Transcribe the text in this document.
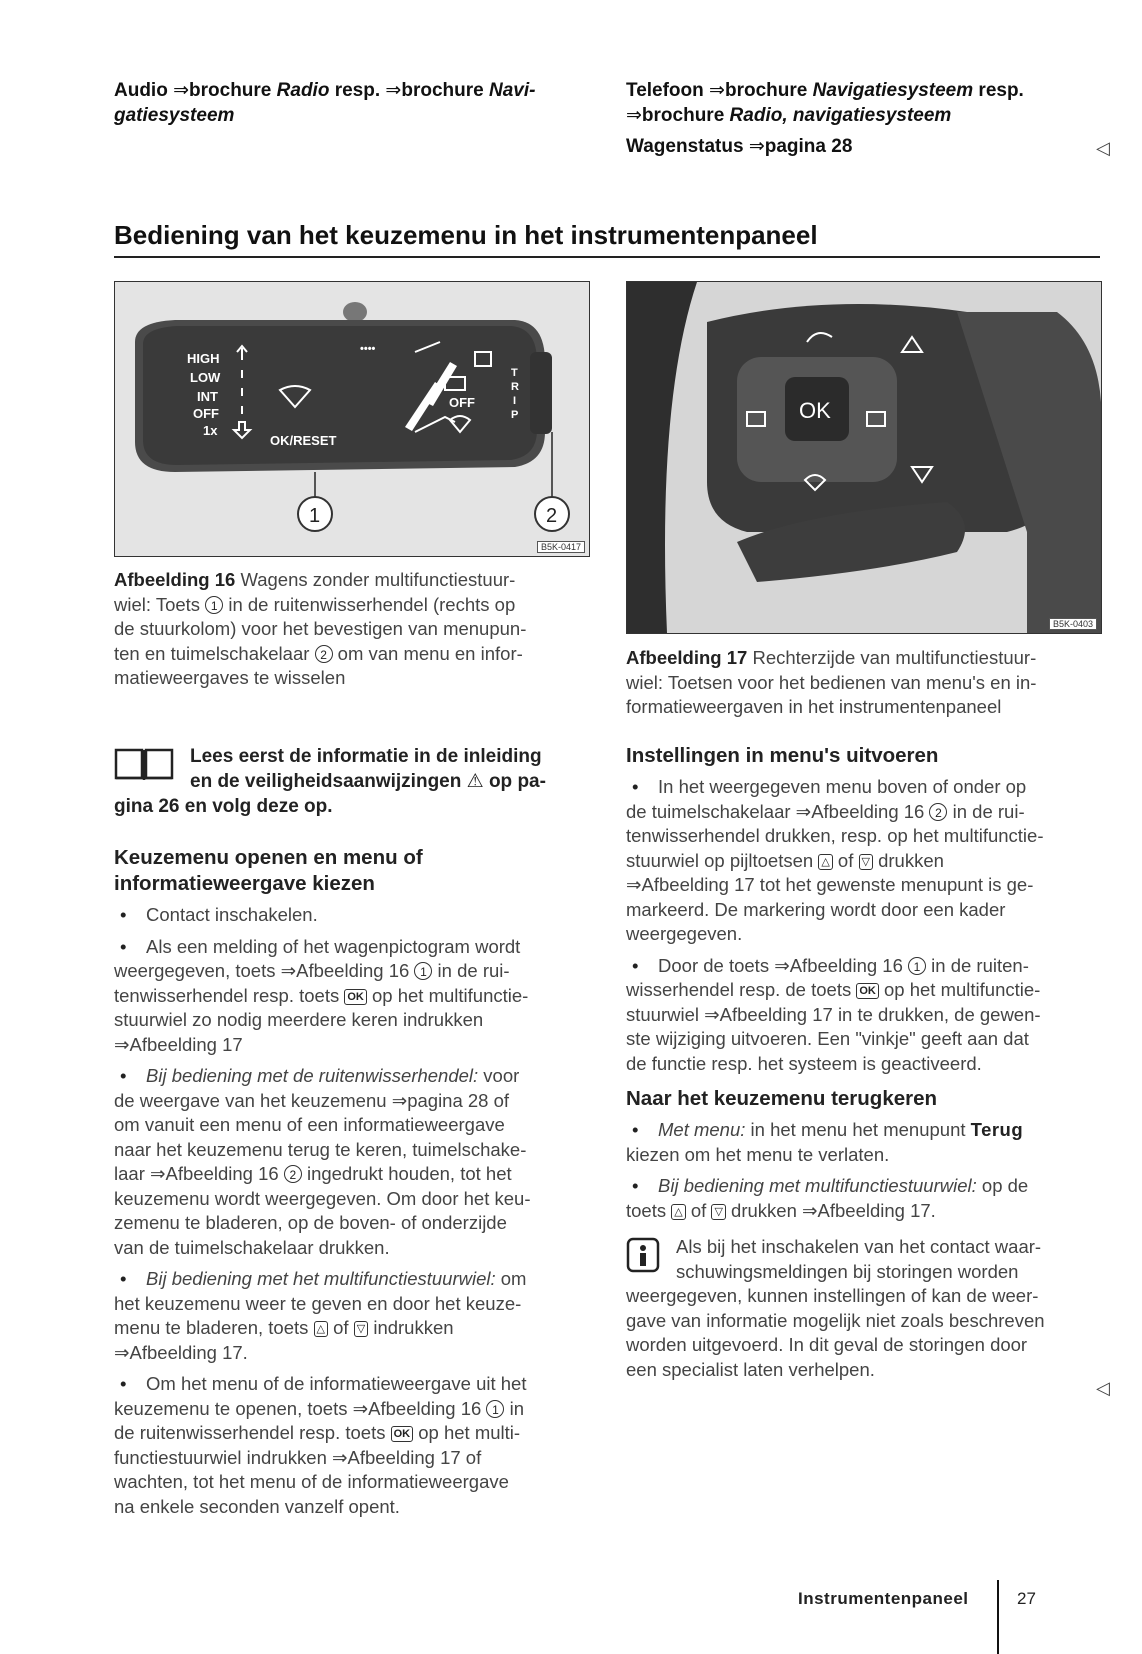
Audio ⇒brochure Radio resp. ⇒brochure Navi-
gatiesysteem
Telefoon ⇒brochure Navigatiesysteem resp.
⇒brochure Radio, navigatiesysteem

Wagenstatus ⇒pagina 28	◁
Bediening van het keuzemenu in het instrumentenpaneel
HIGH
LOW
INT
OFF
1x
OK/RESET
OFF
••••
T
R
I
P
1	2
B5K-0417
Afbeelding 16 Wagens zonder multifunctiestuur-
wiel: Toets 1 in de ruitenwisserhendel (rechts op
de stuurkolom) voor het bevestigen van menupun-
ten en tuimelschakelaar 2 om van menu en infor-
matieweergaves te wisselen
OK
B5K-0403
Afbeelding 17 Rechterzijde van multifunctiestuur-
wiel: Toetsen voor het bedienen van menu's en in-
formatieweergaven in het instrumentenpaneel
Lees eerst de informatie in de inleiding
en de veiligheidsaanwijzingen ⚠ op pa-
gina 26 en volg deze op.
Keuzemenu openen en menu of
informatieweergave kiezen

• Contact inschakelen.

• Als een melding of het wagenpictogram wordt
weergegeven, toets ⇒Afbeelding 16 1 in de rui-
tenwisserhendel resp. toets OK op het multifunctie-
stuurwiel zo nodig meerdere keren indrukken
⇒Afbeelding 17

• Bij bediening met de ruitenwisserhendel: voor
de weergave van het keuzemenu ⇒pagina 28 of
om vanuit een menu of een informatieweergave
naar het keuzemenu terug te keren, tuimelschake-
laar ⇒Afbeelding 16 2 ingedrukt houden, tot het
keuzemenu wordt weergegeven. Om door het keu-
zemenu te bladeren, op de boven- of onderzijde
van de tuimelschakelaar drukken.

• Bij bediening met het multifunctiestuurwiel: om
het keuzemenu weer te geven en door het keuze-
menu te bladeren, toets △ of ▽ indrukken
⇒Afbeelding 17.

• Om het menu of de informatieweergave uit het
keuzemenu te openen, toets ⇒Afbeelding 16 1 in
de ruitenwisserhendel resp. toets OK op het multi-
functiestuurwiel indrukken ⇒Afbeelding 17 of
wachten, tot het menu of de informatieweergave
na enkele seconden vanzelf opent.

Instellingen in menu's uitvoeren

• In het weergegeven menu boven of onder op
de tuimelschakelaar ⇒Afbeelding 16 2 in de rui-
tenwisserhendel drukken, resp. op het multifunctie-
stuurwiel op pijltoetsen △ of ▽ drukken
⇒Afbeelding 17 tot het gewenste menupunt is ge-
markeerd. De markering wordt door een kader
weergegeven.

• Door de toets ⇒Afbeelding 16 1 in de ruiten-
wisserhendel resp. de toets OK op het multifunctie-
stuurwiel ⇒Afbeelding 17 in te drukken, de gewen-
ste wijziging uitvoeren. Een "vinkje" geeft aan dat
de functie resp. het systeem is geactiveerd.

Naar het keuzemenu terugkeren

• Met menu: in het menu het menupunt Terug
kiezen om het menu te verlaten.

• Bij bediening met multifunctiestuurwiel: op de
toets △ of ▽ drukken ⇒Afbeelding 17.

Als bij het inschakelen van het contact waar-
schuwingsmeldingen bij storingen worden
weergegeven, kunnen instellingen of kan de weer-
gave van informatie mogelijk niet zoals beschreven
worden uitgevoerd. In dit geval de storingen door
een specialist laten verhelpen.
◁
Instrumentenpaneel	27
